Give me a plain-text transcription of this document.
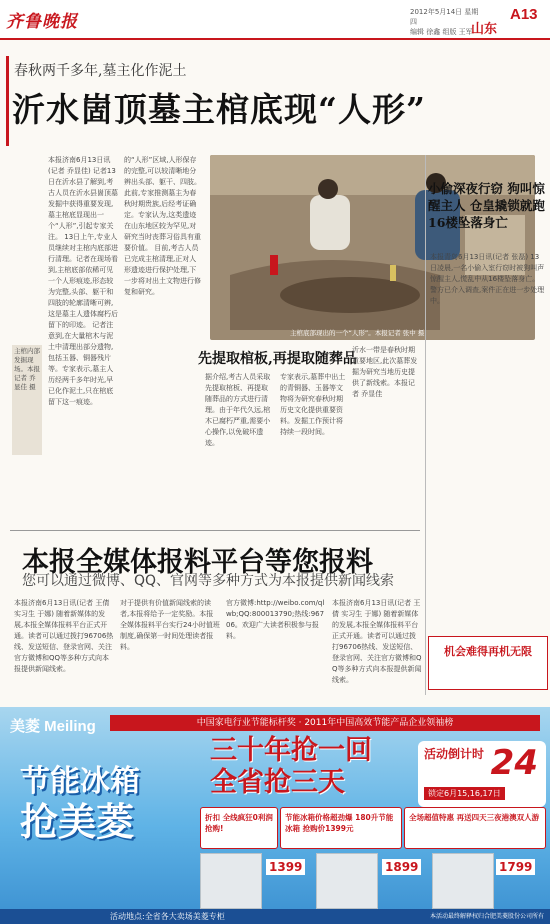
齐鲁晚报	2012年5月14日 星期四
编辑 徐鑫 组版 王军
山东
A13
春秋两千多年,墓主化作泥土
沂水崮顶墓主棺底现“人形”
本报济南6月13日讯(记者 乔显佳) 记者13日在沂水县了解到,考古人员在沂水县崮顶墓发掘中获得重要发现,墓主棺底显现出一个“人形”,引起专家关注。 13日上午,专业人员继续对主棺内底部进行清理。记者在现场看到,主棺底部依稀可见一个人形痕迹,形态较为完整,头部、躯干和四肢的轮廓清晰可辨,这是墓主人遗体腐朽后留下的印迹。 记者注意到,在大量棺木与泥土中清理出部分遗物,包括玉器、铜器残片等。专家表示,墓主人历经两千多年时光,早已化作泥土,只在棺底留下这一痕迹。
的“人形”区域,人形保存的完整,可以较清晰地分辨出头部、躯干、四肢。此前,专家推测墓主为春秋时期贵族,后经考证确定。专家认为,这类遗迹在山东地区较为罕见,对研究当时丧葬习俗具有重要价值。 目前,考古人员已完成主棺清理,正对人形遗迹进行保护处理,下一步将对出土文物进行修复和研究。
主棺底部现出的一个“人形”。本报记者 张中 摄
主棺内部发掘现场。本报记者 乔显佳 摄
先提取棺板,再提取随葬品
据介绍,考古人员采取先提取棺板、再提取随葬品的方式进行清理。由于年代久远,棺木已腐朽严重,需要小心操作,以免破坏遗迹。
专家表示,墓葬中出土的青铜器、玉器等文物将为研究春秋时期历史文化提供重要资料。发掘工作预计将持续一段时间。
沂水一带是春秋时期重要地区,此次墓葬发掘为研究当地历史提供了新线索。本报记者 乔显佳
小偷深夜行窃 狗叫惊醒主人 仓皇撬锁就跑 16楼坠落身亡
本报青岛6月13日讯(记者 张磊) 13日凌晨,一名小偷入室行窃时被狗叫声惊醒主人,慌乱中从16楼坠落身亡。警方已介入调查,案件正在进一步处理中。
本报全媒体报料平台等您报料
您可以通过微博、QQ、官网等多种方式为本报提供新闻线索
本报济南6月13日讯(记者 王倩 实习生 于娜) 随着新媒体的发展,本报全媒体报料平台正式开通。读者可以通过拨打96706热线、发送短信、登录官网、关注官方微博和QQ等多种方式向本报提供新闻线索。
对于提供有价值新闻线索的读者,本报将给予一定奖励。本报全媒体报料平台实行24小时值班制度,确保第一时间处理读者报料。
官方微博:http://weibo.com/qlwb;QQ:800013790;热线:96706。欢迎广大读者积极参与报料。
本报济南6月13日讯(记者 王倩 实习生 于娜) 随着新媒体的发展,本报全媒体报料平台正式开通。读者可以通过拨打96706热线、发送短信、登录官网、关注官方微博和QQ等多种方式向本报提供新闻线索。
机会难得再机无限
美菱 Meiling	中国家电行业节能标杆奖 · 2011年中国高效节能产品企业领袖榜
三十年抢一回
全省抢三天
节能冰箱
抢美菱
活动倒计时 24
锁定6月15,16,17日
折扣 全线疯狂0利润抢购!
节能冰箱价格超劲爆 180升节能冰箱 抢购价1399元
全场超值特惠 再送四天三夜港澳双人游
1399	1899	1799
活动地点:全省各大卖场美菱专柜	本活动最终解释权归合肥美菱股份公司所有
